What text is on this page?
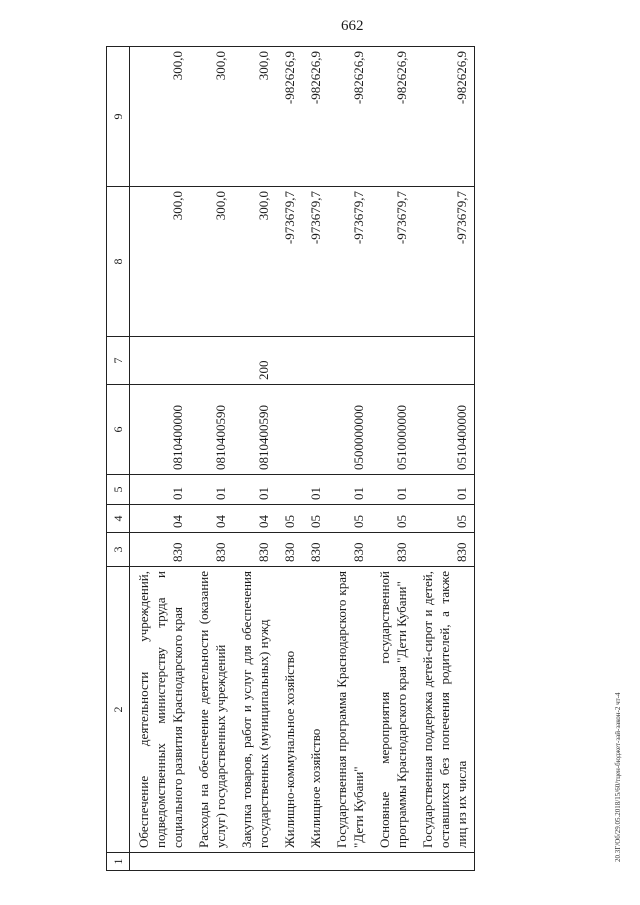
662
20.ЗГ/Об/29.05.2018/15/60/тцен-бюджет-зай-закон-2 чт-4
1	2	3	4	5	6	7	8	9
	Обеспечение деятельности учреждений, подведомственных министерству труда и социального развития Краснодарского края	830	04	01	0810400000		300,0	300,0
	Расходы на обеспечение деятельности (оказание услуг) государственных учреждений	830	04	01	0810400590		300,0	300,0
	Закупка товаров, работ и услуг для обеспечения государственных (муниципальных) нужд	830	04	01	0810400590	200	300,0	300,0
	Жилищно-коммунальное хозяйство	830	05				-973679,7	-982626,9
	Жилищное хозяйство	830	05	01			-973679,7	-982626,9
	Государственная программа Краснодарского края "Дети Кубани"	830	05	01	0500000000		-973679,7	-982626,9
	Основные мероприятия государственной программы Краснодарского края "Дети Кубани"	830	05	01	0510000000		-973679,7	-982626,9
	Государственная поддержка детей-сирот и детей, оставшихся без попечения родителей, а также лиц из их числа	830	05	01	0510400000		-973679,7	-982626,9
